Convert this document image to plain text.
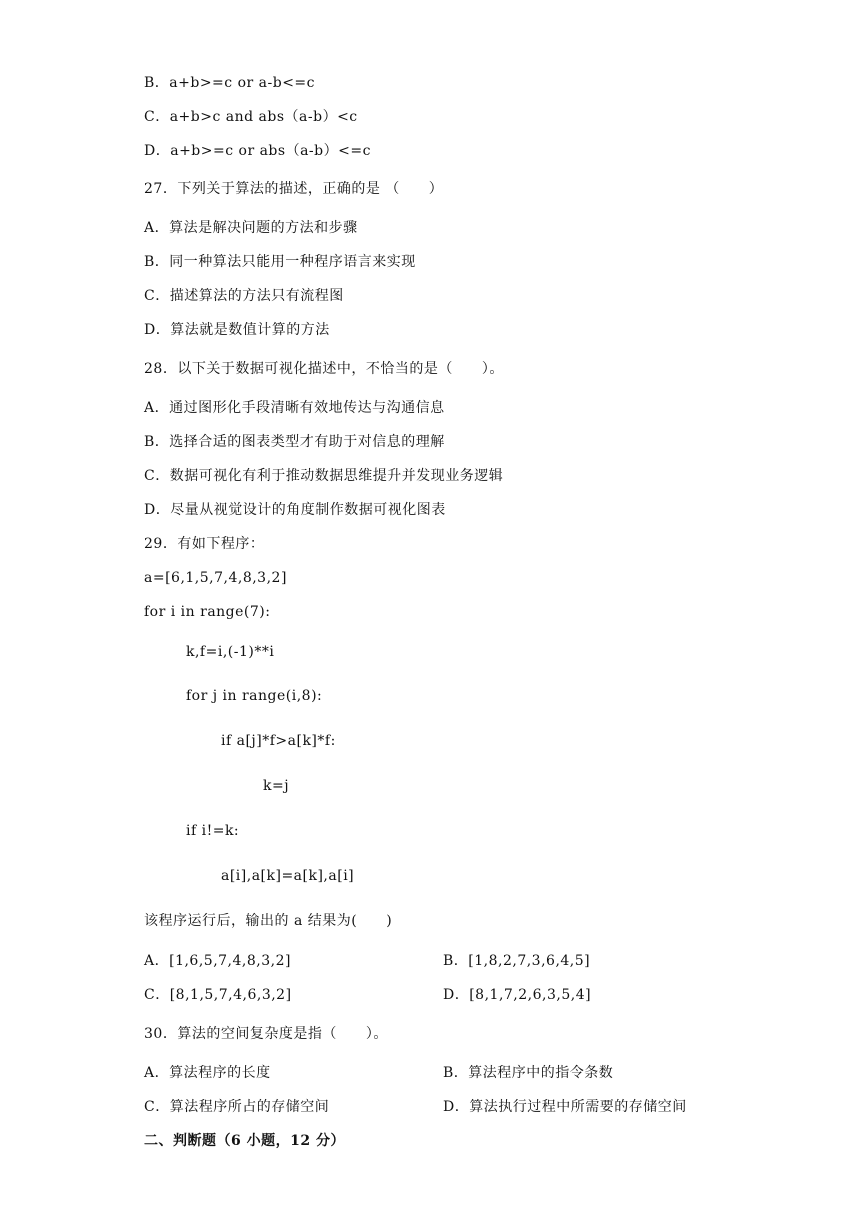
B．a+b>=c or a-b<=c
C．a+b>c and abs（a-b）<c
D．a+b>=c or abs（a-b）<=c
27．下列关于算法的描述，正确的是 （　　）
A．算法是解决问题的方法和步骤
B．同一种算法只能用一种程序语言来实现
C．描述算法的方法只有流程图
D．算法就是数值计算的方法
28．以下关于数据可视化描述中，不恰当的是（　　）。
A．通过图形化手段清晰有效地传达与沟通信息
B．选择合适的图表类型才有助于对信息的理解
C．数据可视化有利于推动数据思维提升并发现业务逻辑
D．尽量从视觉设计的角度制作数据可视化图表
29．有如下程序：
a=[6,1,5,7,4,8,3,2]
for i in range(7):
k,f=i,(-1)**i
for j in range(i,8):
if a[j]*f>a[k]*f:
k=j
if i!=k:
a[i],a[k]=a[k],a[i]
该程序运行后，输出的 a 结果为(　　)
A．[1,6,5,7,4,8,3,2]	B．[1,8,2,7,3,6,4,5]
C．[8,1,5,7,4,6,3,2]	D．[8,1,7,2,6,3,5,4]
30．算法的空间复杂度是指（　　）。
A．算法程序的长度	B．算法程序中的指令条数
C．算法程序所占的存储空间	D．算法执行过程中所需要的存储空间
二、判断题（6 小题，12 分）
